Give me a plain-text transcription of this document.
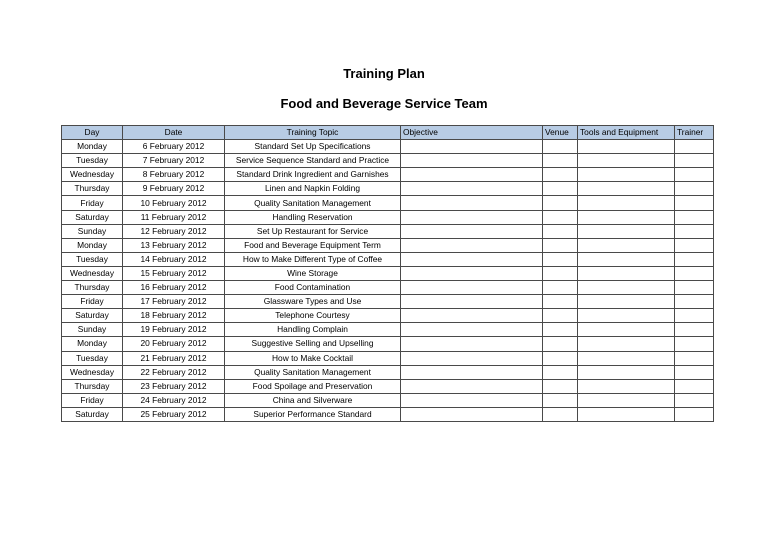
Training Plan
Food and Beverage Service Team
Day	Date	Training Topic	Objective	Venue	Tools and Equipment	Trainer
Monday	6 February 2012	Standard Set Up Specifications				
Tuesday	7 February 2012	Service Sequence Standard and Practice				
Wednesday	8 February 2012	Standard Drink Ingredient and Garnishes				
Thursday	9 February 2012	Linen and Napkin Folding				
Friday	10 February 2012	Quality Sanitation Management				
Saturday	11 February 2012	Handling Reservation				
Sunday	12 February 2012	Set Up Restaurant for Service				
Monday	13 February 2012	Food and Beverage Equipment Term				
Tuesday	14 February 2012	How to Make Different Type of Coffee				
Wednesday	15 February 2012	Wine Storage				
Thursday	16 February 2012	Food Contamination				
Friday	17 February 2012	Glassware Types and Use				
Saturday	18 February 2012	Telephone Courtesy				
Sunday	19 February 2012	Handling Complain				
Monday	20 February 2012	Suggestive Selling and Upselling				
Tuesday	21 February 2012	How to Make Cocktail				
Wednesday	22 February 2012	Quality Sanitation Management				
Thursday	23 February 2012	Food Spoilage and Preservation				
Friday	24 February 2012	China and Silverware				
Saturday	25 February 2012	Superior Performance Standard				
